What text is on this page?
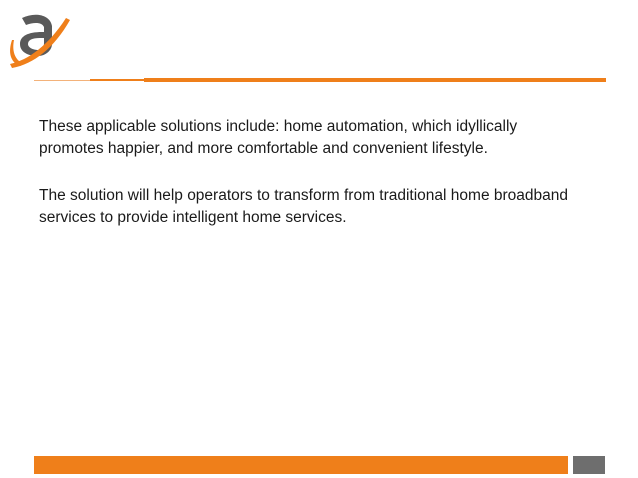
These applicable solutions include: home automation, which idyllically promotes happier, and more comfortable and convenient lifestyle.

The solution will help operators to transform from traditional home broadband services to provide intelligent home services.
